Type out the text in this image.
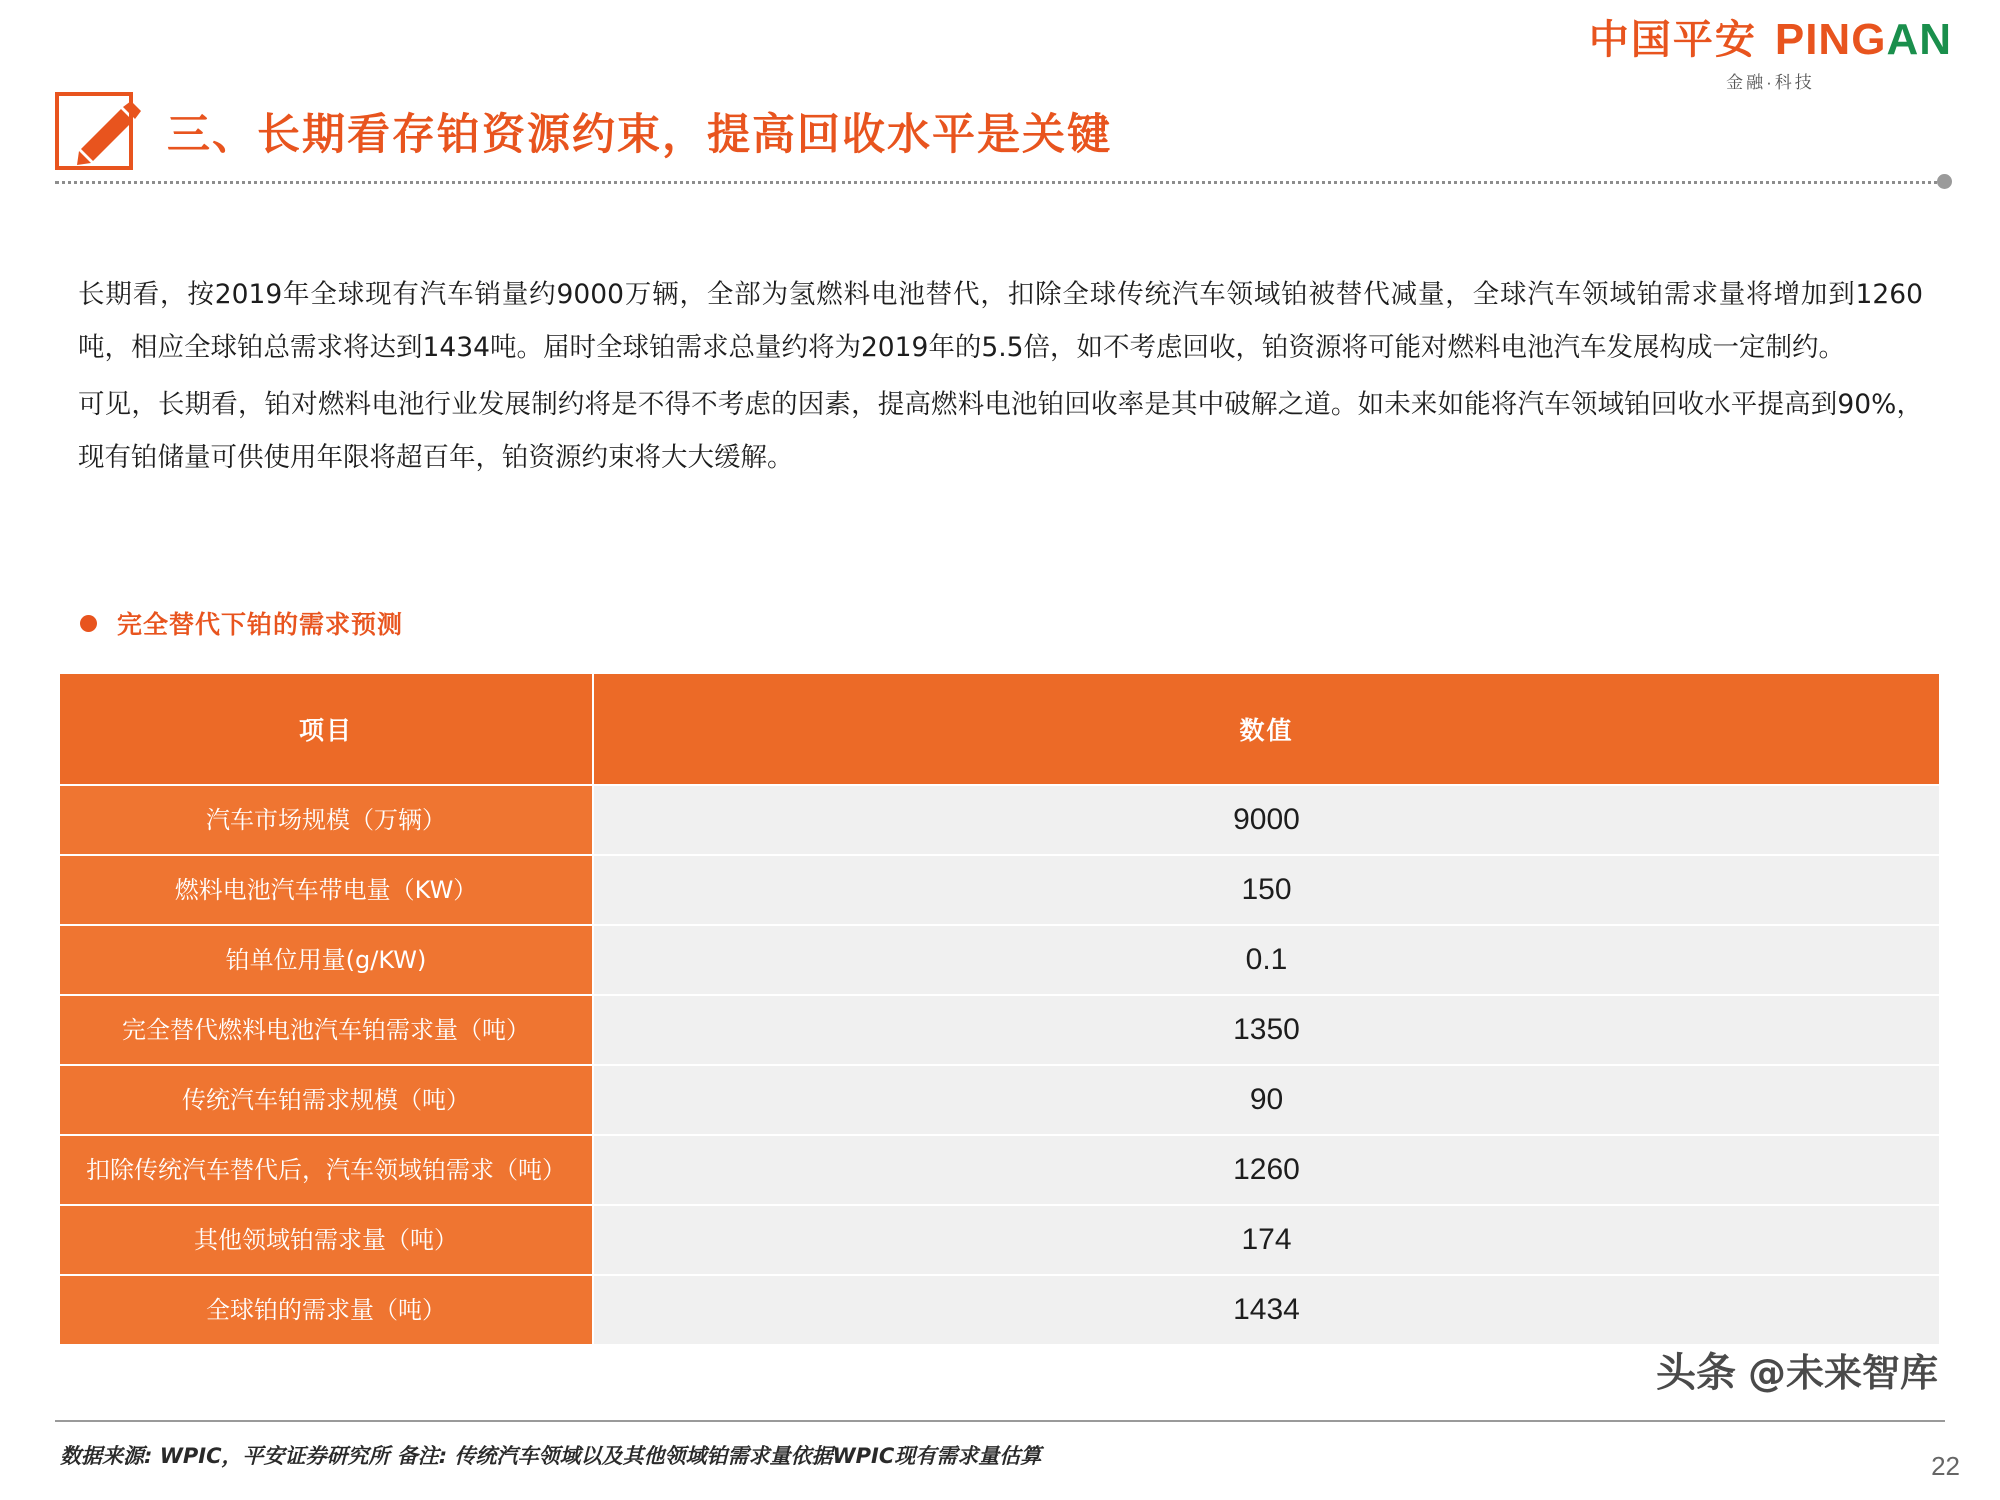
中国平安 PINGAN
金融·科技
三、长期看存铂资源约束，提高回收水平是关键

长期看，按2019年全球现有汽车销量约9000万辆，全部为氢燃料电池替代，扣除全球传统汽车领域铂被替代减量，全球汽车领域铂需求量将增加到1260吨，相应全球铂总需求将达到1434吨。届时全球铂需求总量约将为2019年的5.5倍，如不考虑回收，铂资源将可能对燃料电池汽车发展构成一定制约。

可见，长期看，铂对燃料电池行业发展制约将是不得不考虑的因素，提高燃料电池铂回收率是其中破解之道。如未来如能将汽车领域铂回收水平提高到90%，现有铂储量可供使用年限将超百年，铂资源约束将大大缓解。

完全替代下铂的需求预测
项目	数值
汽车市场规模（万辆）	9000
燃料电池汽车带电量（KW）	150
铂单位用量(g/KW)	0.1
完全替代燃料电池汽车铂需求量（吨）	1350
传统汽车铂需求规模（吨）	90
扣除传统汽车替代后，汽车领域铂需求（吨）	1260
其他领域铂需求量（吨）	174
全球铂的需求量（吨）	1434
头条 @未来智库
数据来源: WPIC，平安证券研究所 备注: 传统汽车领域以及其他领域铂需求量依据WPIC现有需求量估算	22
